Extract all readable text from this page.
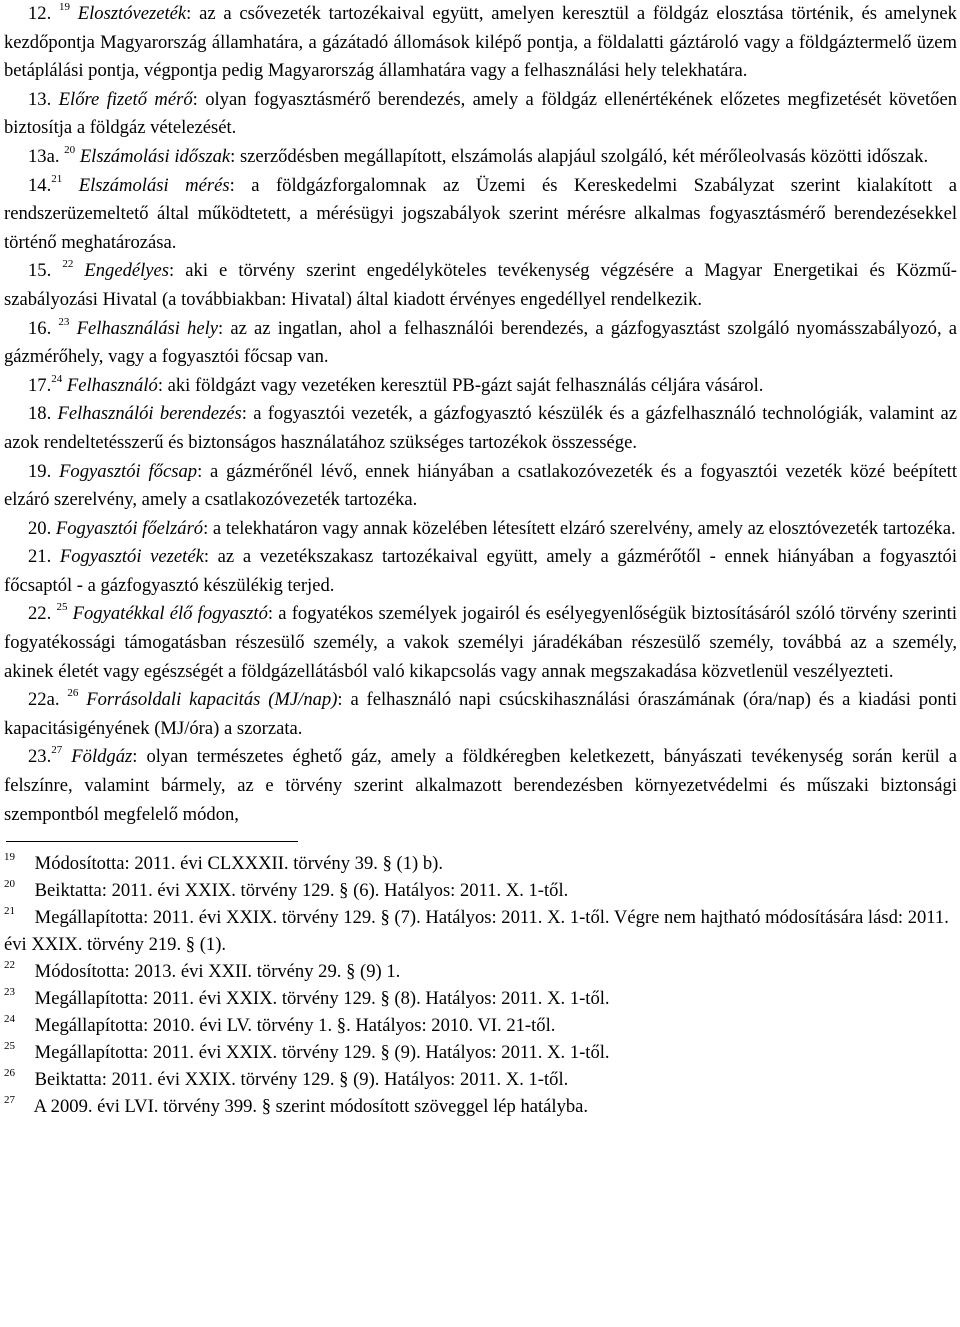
12. $^{19}$ Elosztóvezeték: az a csővezeték tartozékaival együtt, amelyen keresztül a földgáz elosztása történik, és amelynek kezdőpontja Magyarország államhatára, a gázátadó állomások kilépő pontja, a földalatti gáztároló vagy a földgáztermelő üzem betáplálási pontja, végpontja pedig Magyarország államhatára vagy a felhasználási hely telekhatára.

13. Előre fizető mérő: olyan fogyasztásmérő berendezés, amely a földgáz ellenértékének előzetes megfizetését követően biztosítja a földgáz vételezését.

13a. $^{20}$ Elszámolási időszak: szerződésben megállapított, elszámolás alapjául szolgáló, két mérőleolvasás közötti időszak.

14.21 Elszámolási mérés: a földgázforgalomnak az Üzemi és Kereskedelmi Szabályzat szerint kialakított a rendszerüzemeltető által működtetett, a mérésügyi jogszabályok szerint mérésre alkalmas fogyasztásmérő berendezésekkel történő meghatározása.

15. $^{22}$ Engedélyes: aki e törvény szerint engedélyköteles tevékenység végzésére a Magyar Energetikai és Közmű-szabályozási Hivatal (a továbbiakban: Hivatal) által kiadott érvényes engedéllyel rendelkezik.

16. $^{23}$ Felhasználási hely: az az ingatlan, ahol a felhasználói berendezés, a gázfogyasztást szolgáló nyomásszabályozó, a gázmérőhely, vagy a fogyasztói főcsap van.

17.24 Felhasználó: aki földgázt vagy vezetéken keresztül PB-gázt saját felhasználás céljára vásárol.

18. Felhasználói berendezés: a fogyasztói vezeték, a gázfogyasztó készülék és a gázfelhasználó technológiák, valamint az azok rendeltetésszerű és biztonságos használatához szükséges tartozékok összessége.

19. Fogyasztói főcsap: a gázmérőnél lévő, ennek hiányában a csatlakozóvezeték és a fogyasztói vezeték közé beépített elzáró szerelvény, amely a csatlakozóvezeték tartozéka.

20. Fogyasztói főelzáró: a telekhatáron vagy annak közelében létesített elzáró szerelvény, amely az elosztóvezeték tartozéka.

21. Fogyasztói vezeték: az a vezetékszakasz tartozékaival együtt, amely a gázmérőtől - ennek hiányában a fogyasztói főcsaptól - a gázfogyasztó készülékig terjed.

22. $^{25}$ Fogyatékkal élő fogyasztó: a fogyatékos személyek jogairól és esélyegyenlőségük biztosításáról szóló törvény szerinti fogyatékossági támogatásban részesülő személy, a vakok személyi járadékában részesülő személy, továbbá az a személy, akinek életét vagy egészségét a földgázellátásból való kikapcsolás vagy annak megszakadása közvetlenül veszélyezteti.

22a. $^{26}$ Forrásoldali kapacitás (MJ/nap): a felhasználó napi csúcskihasználási óraszámának (óra/nap) és a kiadási ponti kapacitásigényének (MJ/óra) a szorzata.

23.27 Földgáz: olyan természetes éghető gáz, amely a földkéregben keletkezett, bányászati tevékenység során kerül a felszínre, valamint bármely, az e törvény szerint alkalmazott berendezésben környezetvédelmi és műszaki biztonsági szempontból megfelelő módon,

$^{19}$ Módosította: 2011. évi CLXXXII. törvény 39. § (1) b).

$^{20}$ Beiktatta: 2011. évi XXIX. törvény 129. § (6). Hatályos: 2011. X. 1-től.

$^{21}$ Megállapította: 2011. évi XXIX. törvény 129. § (7). Hatályos: 2011. X. 1-től. Végre nem hajtható módosítására lásd: 2011. évi XXIX. törvény 219. § (1).

$^{22}$ Módosította: 2013. évi XXII. törvény 29. § (9) 1.

$^{23}$ Megállapította: 2011. évi XXIX. törvény 129. § (8). Hatályos: 2011. X. 1-től.

$^{24}$ Megállapította: 2010. évi LV. törvény 1. §. Hatályos: 2010. VI. 21-től.

$^{25}$ Megállapította: 2011. évi XXIX. törvény 129. § (9). Hatályos: 2011. X. 1-től.

$^{26}$ Beiktatta: 2011. évi XXIX. törvény 129. § (9). Hatályos: 2011. X. 1-től.

$^{27}$ A 2009. évi LVI. törvény 399. § szerint módosított szöveggel lép hatályba.
